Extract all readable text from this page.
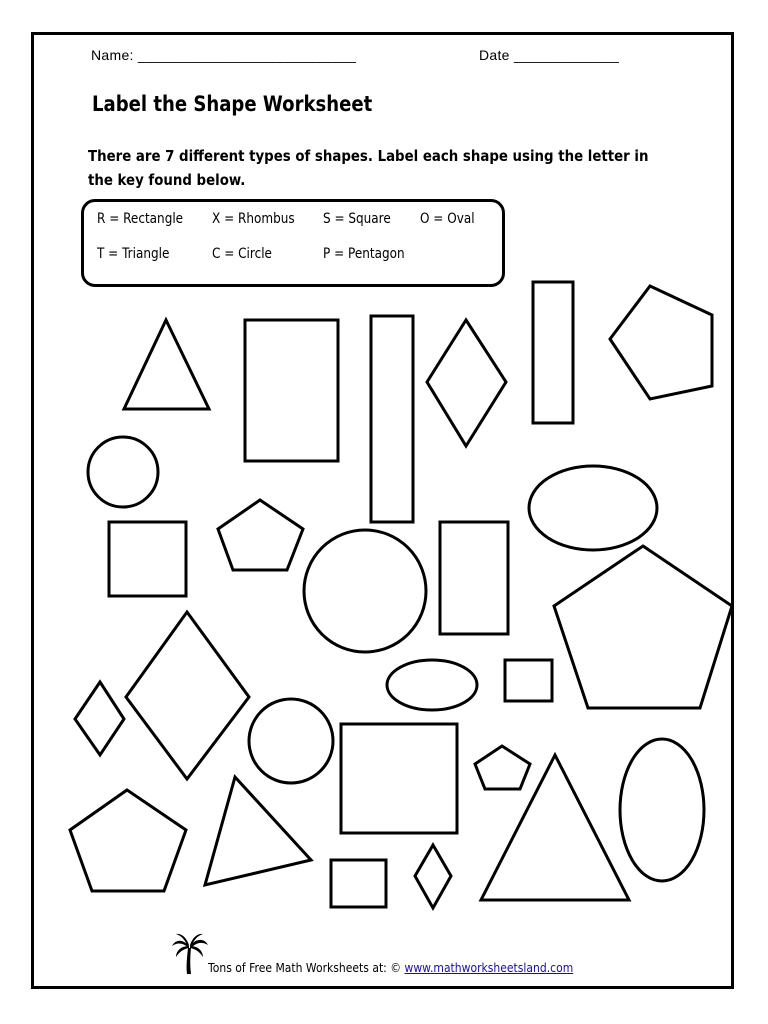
Name: ___________________________	Date _____________
Label the Shape Worksheet

There are 7 different types of shapes. Label each shape using the letter in the key found below.

R = Rectangle X = Rhombus S = Square O = Oval
T = Triangle	C = Circle	P = Pentagon
Tons of Free Math Worksheets at: © www.mathworksheetsland.com
